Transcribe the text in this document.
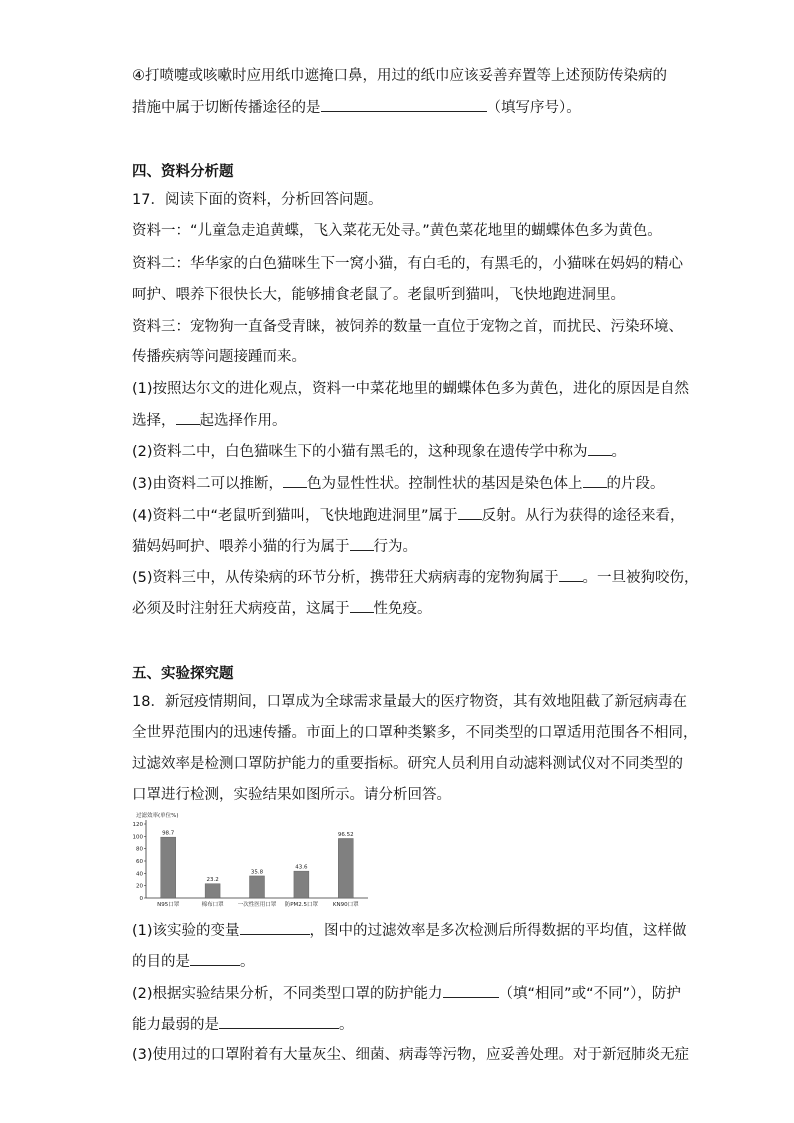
④打喷嚏或咳嗽时应用纸巾遮掩口鼻，用过的纸巾应该妥善弃置等上述预防传染病的
措施中属于切断传播途径的是	（填写序号）。
四、资料分析题
17．阅读下面的资料，分析回答问题。
资料一：“儿童急走追黄蝶，飞入菜花无处寻。”黄色菜花地里的蝴蝶体色多为黄色。
资料二：华华家的白色猫咪生下一窝小猫，有白毛的，有黑毛的，小猫咪在妈妈的精心
呵护、喂养下很快长大，能够捕食老鼠了。老鼠听到猫叫，飞快地跑进洞里。
资料三：宠物狗一直备受青睐，被饲养的数量一直位于宠物之首，而扰民、污染环境、
传播疾病等问题接踵而来。
(1)按照达尔文的进化观点，资料一中菜花地里的蝴蝶体色多为黄色，进化的原因是自然
选择， 起选择作用。
(2)资料二中，白色猫咪生下的小猫有黑毛的，这种现象在遗传学中称为 。
(3)由资料二可以推断， 色为显性性状。控制性状的基因是染色体上 的片段。
(4)资料二中“老鼠听到猫叫，飞快地跑进洞里”属于 反射。从行为获得的途径来看，
猫妈妈呵护、喂养小猫的行为属于 行为。
(5)资料三中，从传染病的环节分析，携带狂犬病病毒的宠物狗属于 。一旦被狗咬伤，
必须及时注射狂犬病疫苗，这属于 性免疫。
五、实验探究题
18．新冠疫情期间，口罩成为全球需求量最大的医疗物资，其有效地阻截了新冠病毒在
全世界范围内的迅速传播。市面上的口罩种类繁多，不同类型的口罩适用范围各不相同，
过滤效率是检测口罩防护能力的重要指标。研究人员利用自动滤料测试仪对不同类型的
口罩进行检测，实验结果如图所示。请分析回答。
过滤效率(单位%)
0
20
40
60
80
100
120
98.7
N95口罩
23.2
棉布口罩
35.8
一次性医用口罩
43.6
防PM2.5口罩
96.52
KN90口罩
(1)该实验的变量	，图中的过滤效率是多次检测后所得数据的平均值，这样做
的目的是	。
(2)根据实验结果分析，不同类型口罩的防护能力	（填“相同”或“不同”），防护
能力最弱的是	。
(3)使用过的口罩附着有大量灰尘、细菌、病毒等污物，应妥善处理。对于新冠肺炎无症
